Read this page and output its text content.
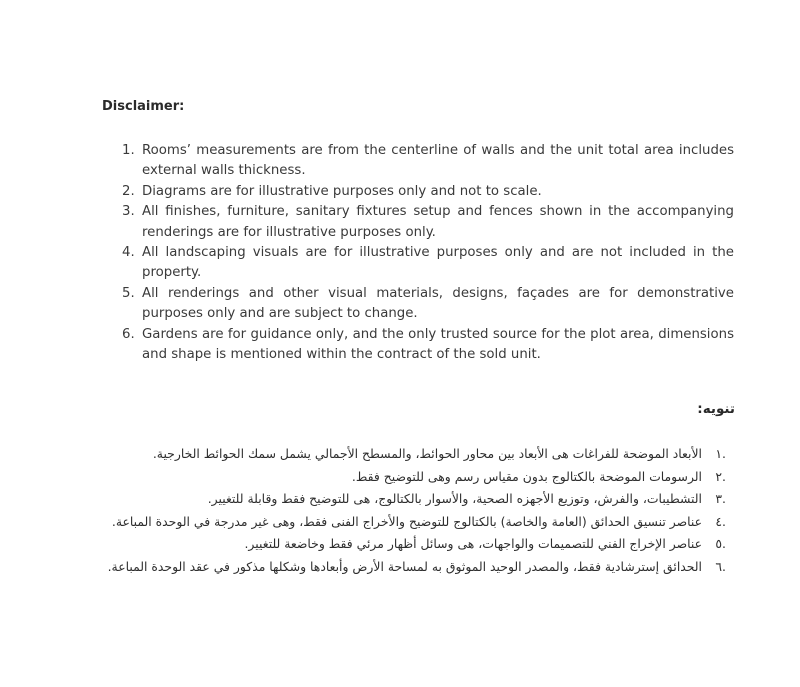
Disclaimer:
1. Rooms’ measurements are from the centerline of walls and the unit total area includes external walls thickness.
2. Diagrams are for illustrative purposes only and not to scale.
3. All finishes, furniture, sanitary fixtures setup and fences shown in the accompanying renderings are for illustrative purposes only.
4. All landscaping visuals are for illustrative purposes only and are not included in the property.
5. All renderings and other visual materials, designs, façades are for demonstrative purposes only and are subject to change.
6. Gardens are for guidance only, and the only trusted source for the plot area, dimensions and shape is mentioned within the contract of the sold unit.
تنويه:
.١
الأبعاد الموضحة للفراغات هى الأبعاد بين محاور الحوائط، والمسطح الأجمالي يشمل سمك الحوائط الخارجية.
.٢
الرسومات الموضحة بالكتالوج بدون مقياس رسم وهى للتوضيح فقط.
.٣
التشطيبات، والفرش، وتوزيع الأجهزه الصحية، والأسوار بالكتالوج، هى للتوضيح فقط وقابلة للتغيير.
.٤
عناصر تنسيق الحدائق (العامة والخاصة) بالكتالوج للتوضيح والأخراج الفنى فقط، وهى غير مدرجة في الوحدة المباعة.
.٥
عناصر الإخراج الفني للتصميمات والواجهات، هى وسائل أظهار مرئي فقط وخاضعة للتغيير.
.٦
الحدائق إسترشادية فقط، والمصدر الوحيد الموثوق به لمساحة الأرض وأبعادها وشكلها مذكور في عقد الوحدة المباعة.
